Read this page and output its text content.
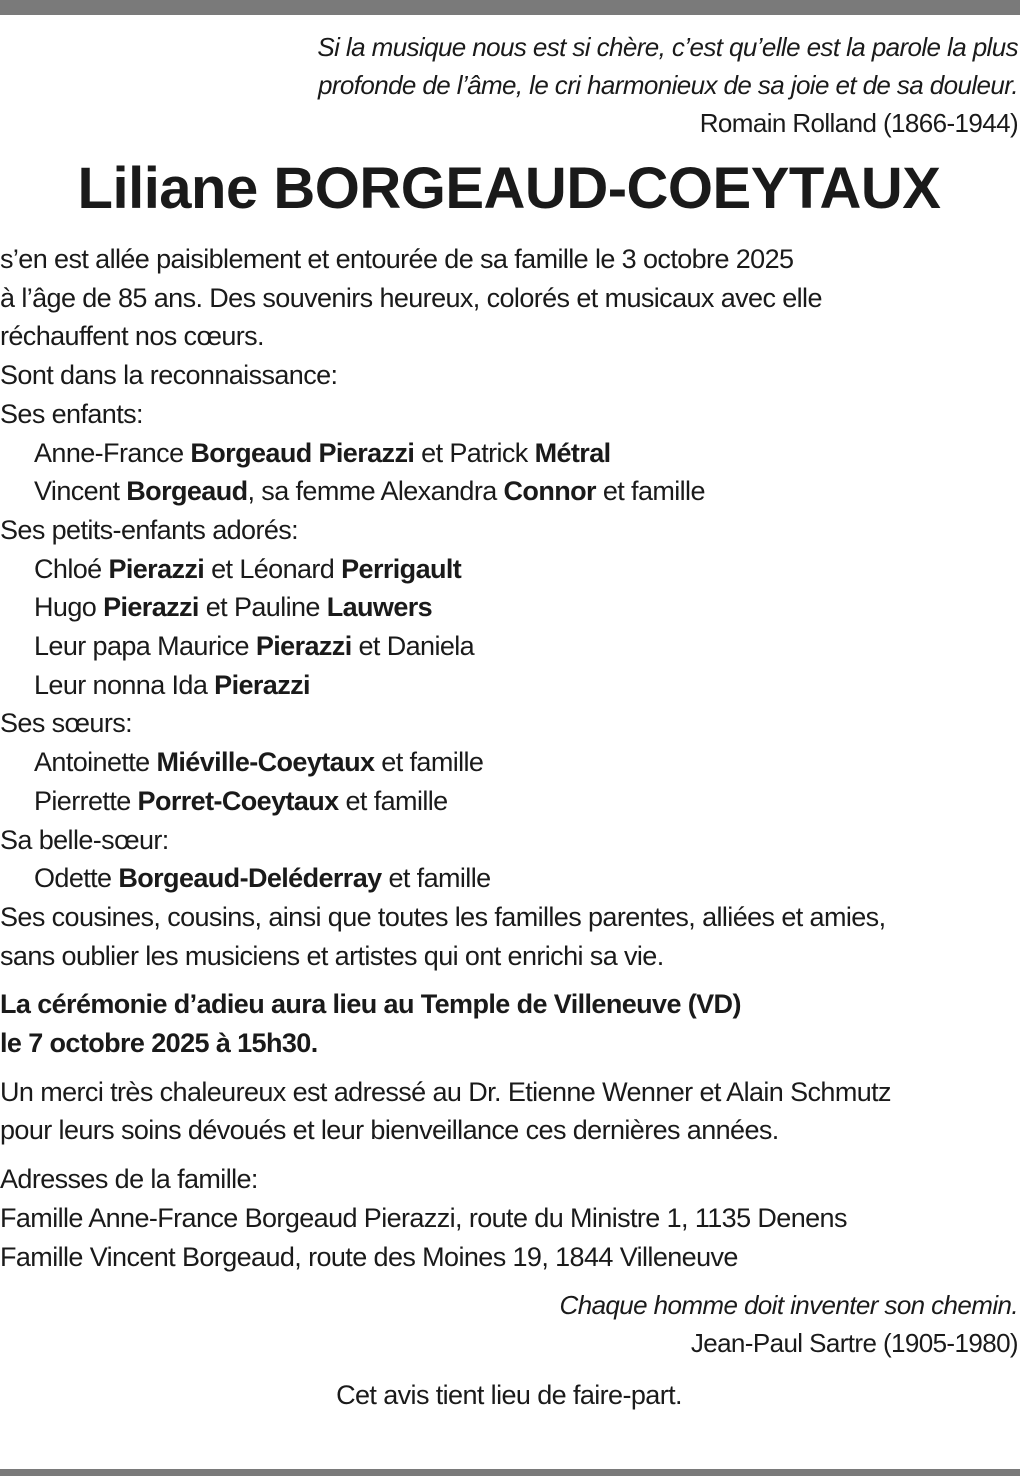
Si la musique nous est si chère, c’est qu’elle est la parole la plus
profonde de l’âme, le cri harmonieux de sa joie et de sa douleur.
Romain Rolland (1866-1944)
Liliane BORGEAUD-COEYTAUX
s’en est allée paisiblement et entourée de sa famille le 3 octobre 2025
à l’âge de 85 ans. Des souvenirs heureux, colorés et musicaux avec elle
réchauffent nos cœurs.
Sont dans la reconnaissance:
Ses enfants:
Anne-France Borgeaud Pierazzi et Patrick Métral
Vincent Borgeaud, sa femme Alexandra Connor et famille
Ses petits-enfants adorés:
Chloé Pierazzi et Léonard Perrigault
Hugo Pierazzi et Pauline Lauwers
Leur papa Maurice Pierazzi et Daniela
Leur nonna Ida Pierazzi
Ses sœurs:
Antoinette Miéville-Coeytaux et famille
Pierrette Porret-Coeytaux et famille
Sa belle-sœur:
Odette Borgeaud-Deléderray et famille
Ses cousines, cousins, ainsi que toutes les familles parentes, alliées et amies,
sans oublier les musiciens et artistes qui ont enrichi sa vie.
La cérémonie d’adieu aura lieu au Temple de Villeneuve (VD)
le 7 octobre 2025 à 15h30.
Un merci très chaleureux est adressé au Dr. Etienne Wenner et Alain Schmutz
pour leurs soins dévoués et leur bienveillance ces dernières années.
Adresses de la famille:
Famille Anne-France Borgeaud Pierazzi, route du Ministre 1, 1135 Denens
Famille Vincent Borgeaud, route des Moines 19, 1844 Villeneuve
Chaque homme doit inventer son chemin.
Jean-Paul Sartre (1905-1980)
Cet avis tient lieu de faire-part.
